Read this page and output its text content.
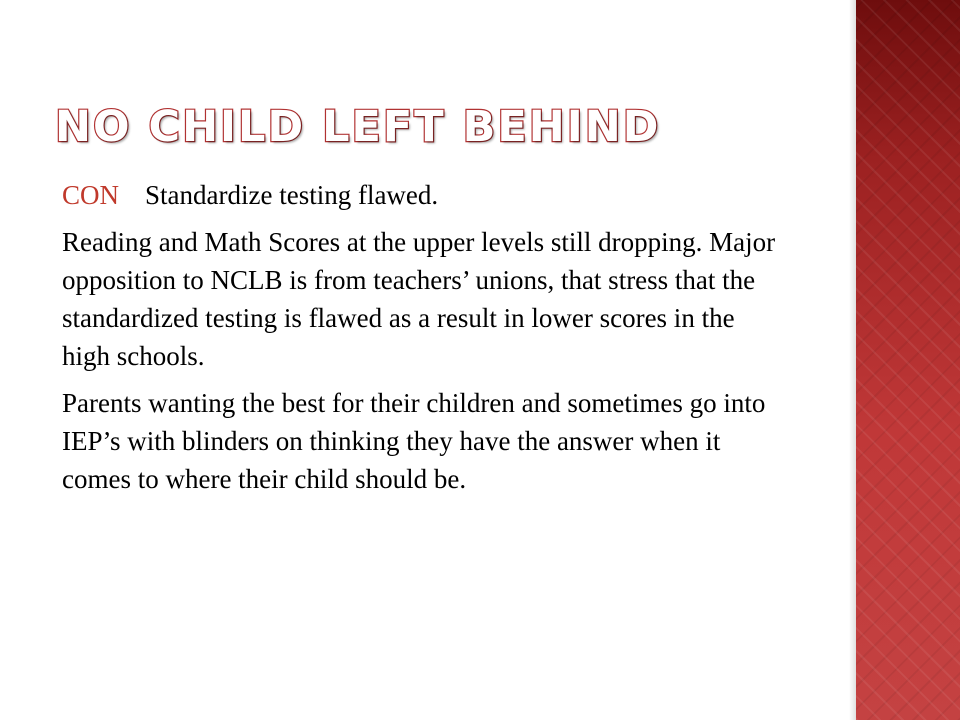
NO CHILD LEFT BEHIND
CON Standardize testing flawed.

Reading and Math Scores at the upper levels still dropping. Major opposition to NCLB is from teachers’ unions, that stress that the standardized testing is flawed as a result in lower scores in the high schools.

Parents wanting the best for their children and sometimes go into IEP’s with blinders on thinking they have the answer when it comes to where their child should be.
